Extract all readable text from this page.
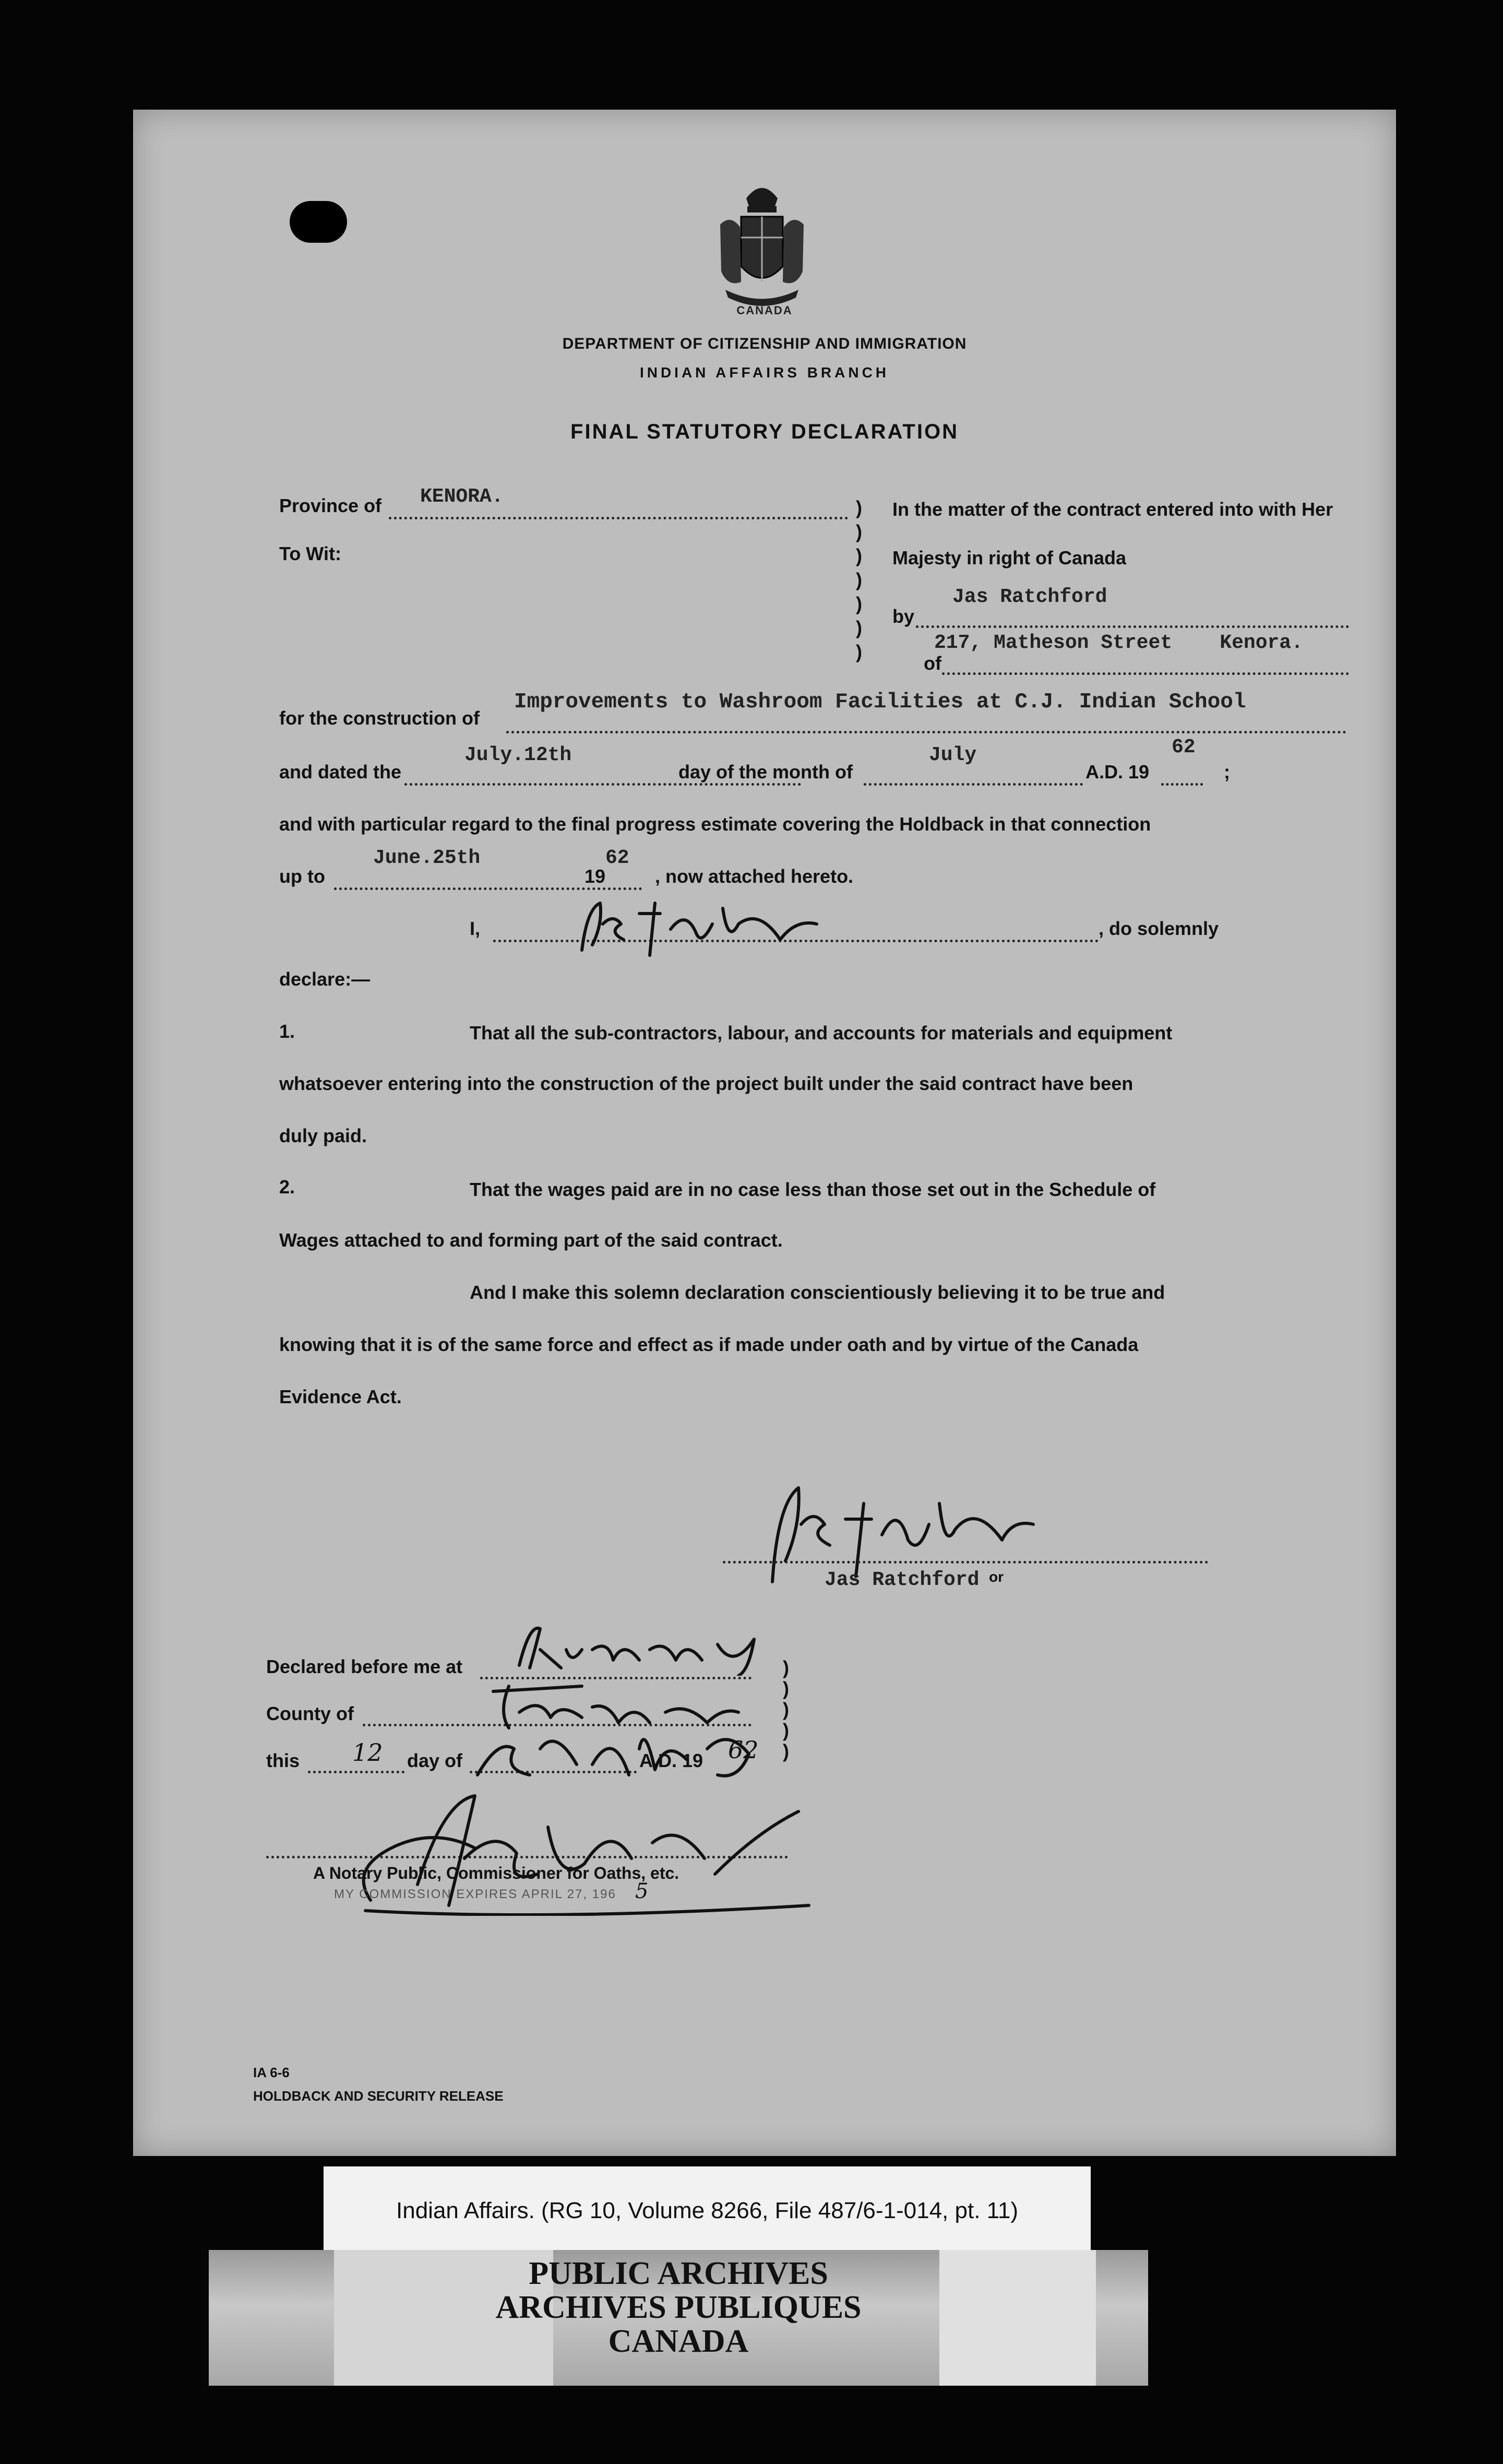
CANADA
DEPARTMENT OF CITIZENSHIP AND IMMIGRATION
INDIAN AFFAIRS BRANCH
FINAL STATUTORY DECLARATION
Province of KENORA.
To Wit:
)
)
)
)
)
)
)
In the matter of the contract entered into with Her
Majesty in right of Canada
Jas Ratchford
by
217, Matheson Street    Kenora.
of
for the construction of
Improvements to Washroom Facilities at C.J. Indian School
and dated the
July.12th
day of the month of
July
A.D. 19
62
;
and with particular regard to the final progress estimate covering the Holdback in that connection
up to
June.25th
19
62
, now attached hereto.
I,	, do solemnly
declare:—
1.	That all the sub-contractors, labour, and accounts for materials and equipment
whatsoever entering into the construction of the project built under the said contract have been
duly paid.
2.	That the wages paid are in no case less than those set out in the Schedule of
Wages attached to and forming part of the said contract.
And I make this solemn declaration conscientiously believing it to be true and
knowing that it is of the same force and effect as if made under oath and by virtue of the Canada
Evidence Act.
Jas Ratchford or
Declared before me at	)
)
)
)
)
County of
this 12 day of	A.D. 19 62
A Notary Public, Commissioner for Oaths, etc.
MY COMMISSION EXPIRES APRIL 27, 196 5
IA 6-6
HOLDBACK AND SECURITY RELEASE
Indian Affairs. (RG 10, Volume 8266, File 487/6-1-014, pt. 11)
PUBLIC ARCHIVES
ARCHIVES PUBLIQUES
CANADA
